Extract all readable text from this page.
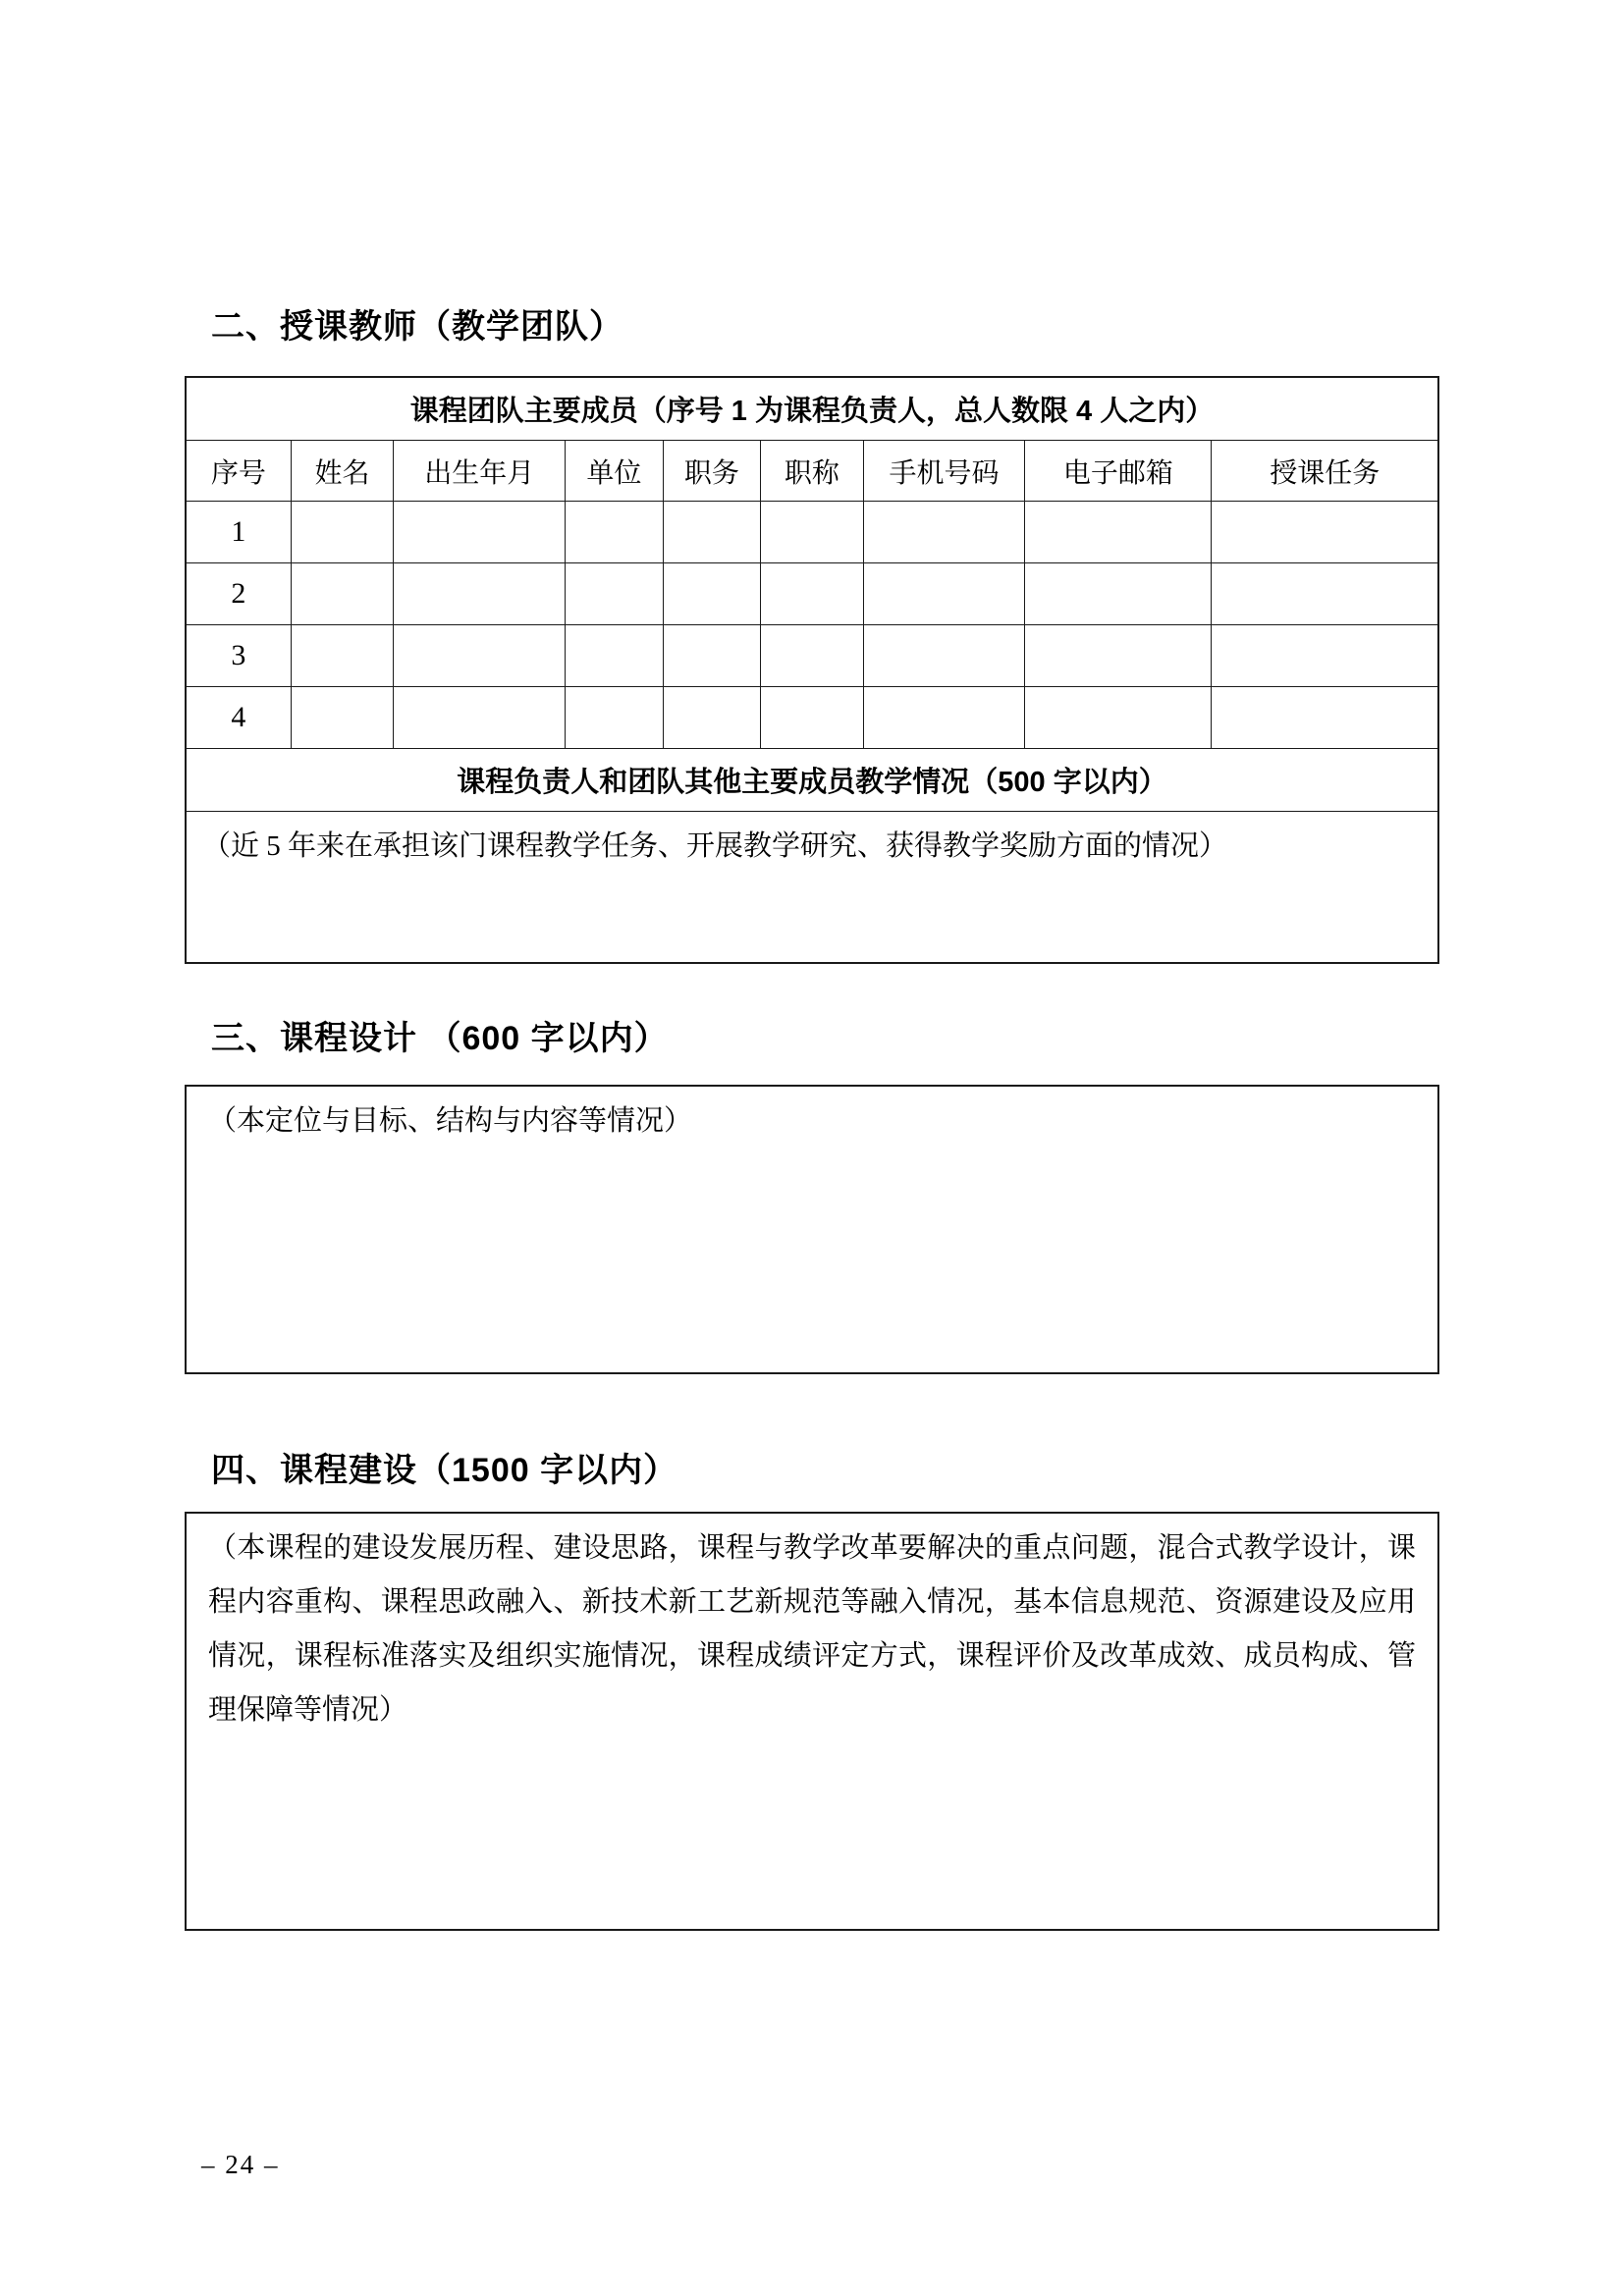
二、授课教师（教学团队）
课程团队主要成员（序号 1 为课程负责人，总人数限 4 人之内）								
序号	姓名	出生年月	单位	职务	职称	手机号码	电子邮箱	授课任务
1								
2								
3								
4								
课程负责人和团队其他主要成员教学情况（500 字以内）								
（近 5 年来在承担该门课程教学任务、开展教学研究、获得教学奖励方面的情况）								
三、课程设计 （600 字以内）
（本定位与目标、结构与内容等情况）
四、课程建设（1500 字以内）
（本课程的建设发展历程、建设思路，课程与教学改革要解决的重点问题，混合式教学设计，课程内容重构、课程思政融入、新技术新工艺新规范等融入情况，基本信息规范、资源建设及应用情况，课程标准落实及组织实施情况，课程成绩评定方式，课程评价及改革成效、成员构成、管理保障等情况）
– 24 –
